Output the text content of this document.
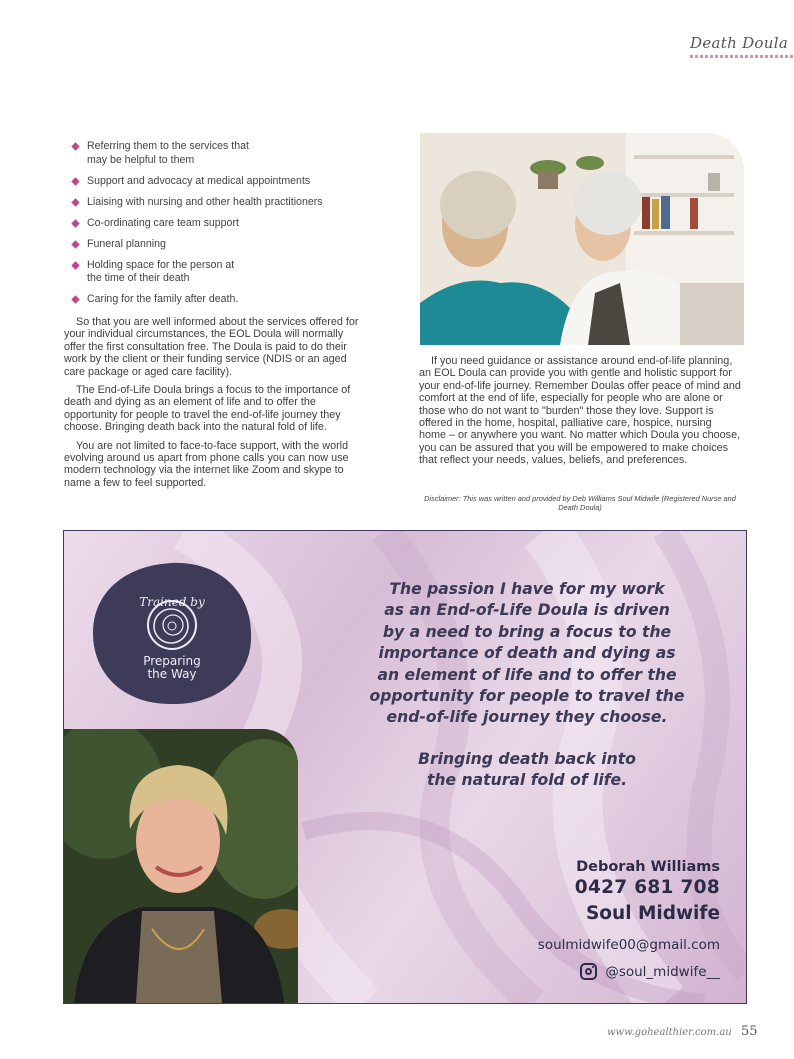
Death Doula
Referring them to the services that
may be helpful to them
Support and advocacy at medical appointments
Liaising with nursing and other health practitioners
Co-ordinating care team support
Funeral planning
Holding space for the person at
the time of their death
Caring for the family after death.

So that you are well informed about the services offered for your individual circumstances, the EOL Doula will normally offer the first consultation free. The Doula is paid to do their work by the client or their funding service (NDIS or an aged care package or aged care facility).

The End-of-Life Doula brings a focus to the importance of death and dying as an element of life and to offer the opportunity for people to travel the end-of-life journey they choose. Bringing death back into the natural fold of life.

You are not limited to face-to-face support, with the world evolving around us apart from phone calls you can now use modern technology via the internet like Zoom and skype to name a few to feel supported.

If you need guidance or assistance around end-of-life planning, an EOL Doula can provide you with gentle and holistic support for your end-of-life journey. Remember Doulas offer peace of mind and comfort at the end of life, especially for people who are alone or those who do not want to "burden" those they love. Support is offered in the home, hospital, palliative care, hospice, nursing home – or anywhere you want. No matter which Doula you choose, you can be assured that you will be empowered to make choices that reflect your needs, values, beliefs, and preferences.

Disclaimer: This was written and provided by Deb Williams Soul Midwife (Registered Nurse and Death Doula)
Trained by
Preparing
the Way
The passion I have for my work
as an End-of-Life Doula is driven
by a need to bring a focus to the
importance of death and dying as
an element of life and to offer the
opportunity for people to travel the
end-of-life journey they choose.
Bringing death back into
the natural fold of life.
Deborah Williams
0427 681 708
Soul Midwife
soulmidwife00@gmail.com
@soul_midwife__
www.gohealthier.com.au 55
